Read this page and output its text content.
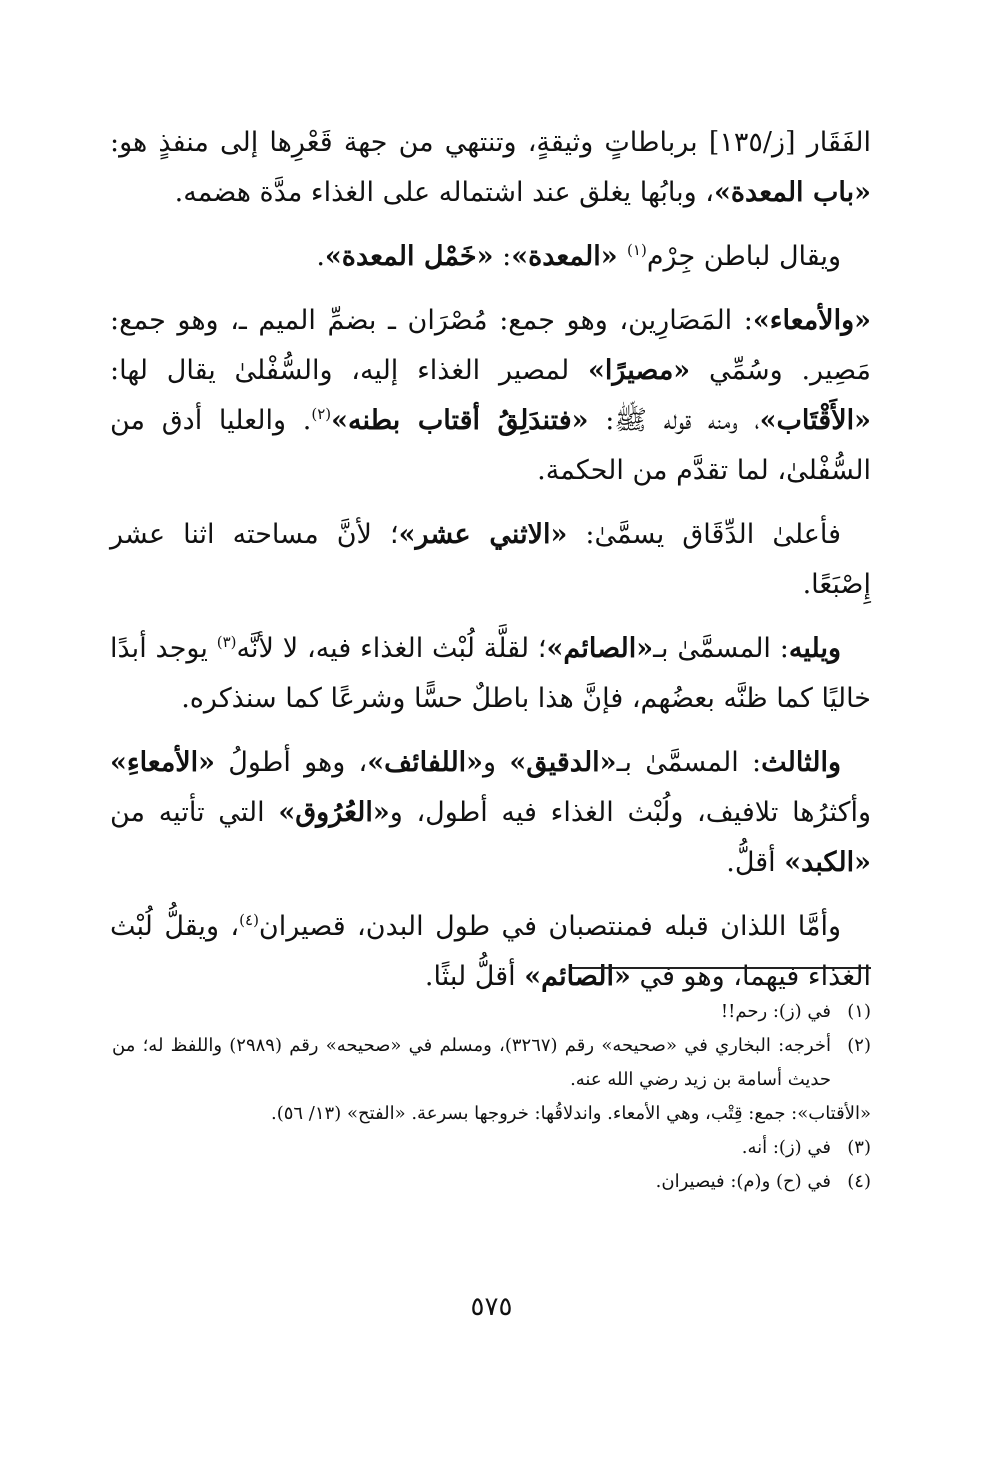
الفَقَار [ز/١٣٥] برباطاتٍ وثيقةٍ، وتنتهي من جهة قَعْرِها إلى منفذٍ هو: «باب المعدة»، وبابُها يغلق عند اشتماله على الغذاء مدَّة هضمه.

ويقال لباطن جِرْم$^{(١)}$ «المعدة»: «خَمْل المعدة».

«والأمعاء»: المَصَارِين، وهو جمع: مُصْرَان ـ بضمِّ الميم ـ، وهو جمع: مَصِير. وسُمِّي «مصيرًا» لمصير الغذاء إليه، والسُّفْلىٰ يقال لها: «الأَقْتَاب»، ومنه قوله ﷺ: «فتندَلِقُ أقتاب بطنه»$^{(٢)}$. والعليا أدق من السُّفْلىٰ، لما تقدَّم من الحكمة.

فأعلىٰ الدِّقَاق يسمَّىٰ: «الاثني عشر»؛ لأنَّ مساحته اثنا عشر إِصْبَعًا.

ويليه: المسمَّىٰ بـ«الصائم»؛ لقلَّة لُبْث الغذاء فيه، لا لأنَّه$^{(٣)}$ يوجد أبدًا خاليًا كما ظنَّه بعضُهم، فإنَّ هذا باطلٌ حسًّا وشرعًا كما سنذكره.

والثالث: المسمَّىٰ بـ«الدقيق» و«اللفائف»، وهو أطولُ «الأمعاءِ» وأكثرُها تلافيف، ولُبْث الغذاء فيه أطول، و«العُرُوق» التي تأتيه من «الكبد» أقلُّ.

وأمَّا اللذان قبله فمنتصبان في طول البدن، قصيران$^{(٤)}$، ويقلُّ لُبْث الغذاء فيهما، وهو في «الصائم» أقلُّ لبثًا.

(١)
في (ز): رحم!!
(٢)
أخرجه: البخاري في «صحيحه» رقم (٣٢٦٧)، ومسلم في «صحيحه» رقم (٢٩٨٩) واللفظ له؛ من حديث أسامة بن زيد رضي الله عنه.
«الأقتاب»: جمع: قِتْب، وهي الأمعاء. واندلاقُها: خروجها بسرعة. «الفتح» (١٣/ ٥٦).
(٣)
في (ز): أنه.
(٤)
في (ح) و(م): فيصيران.
٥٧٥
